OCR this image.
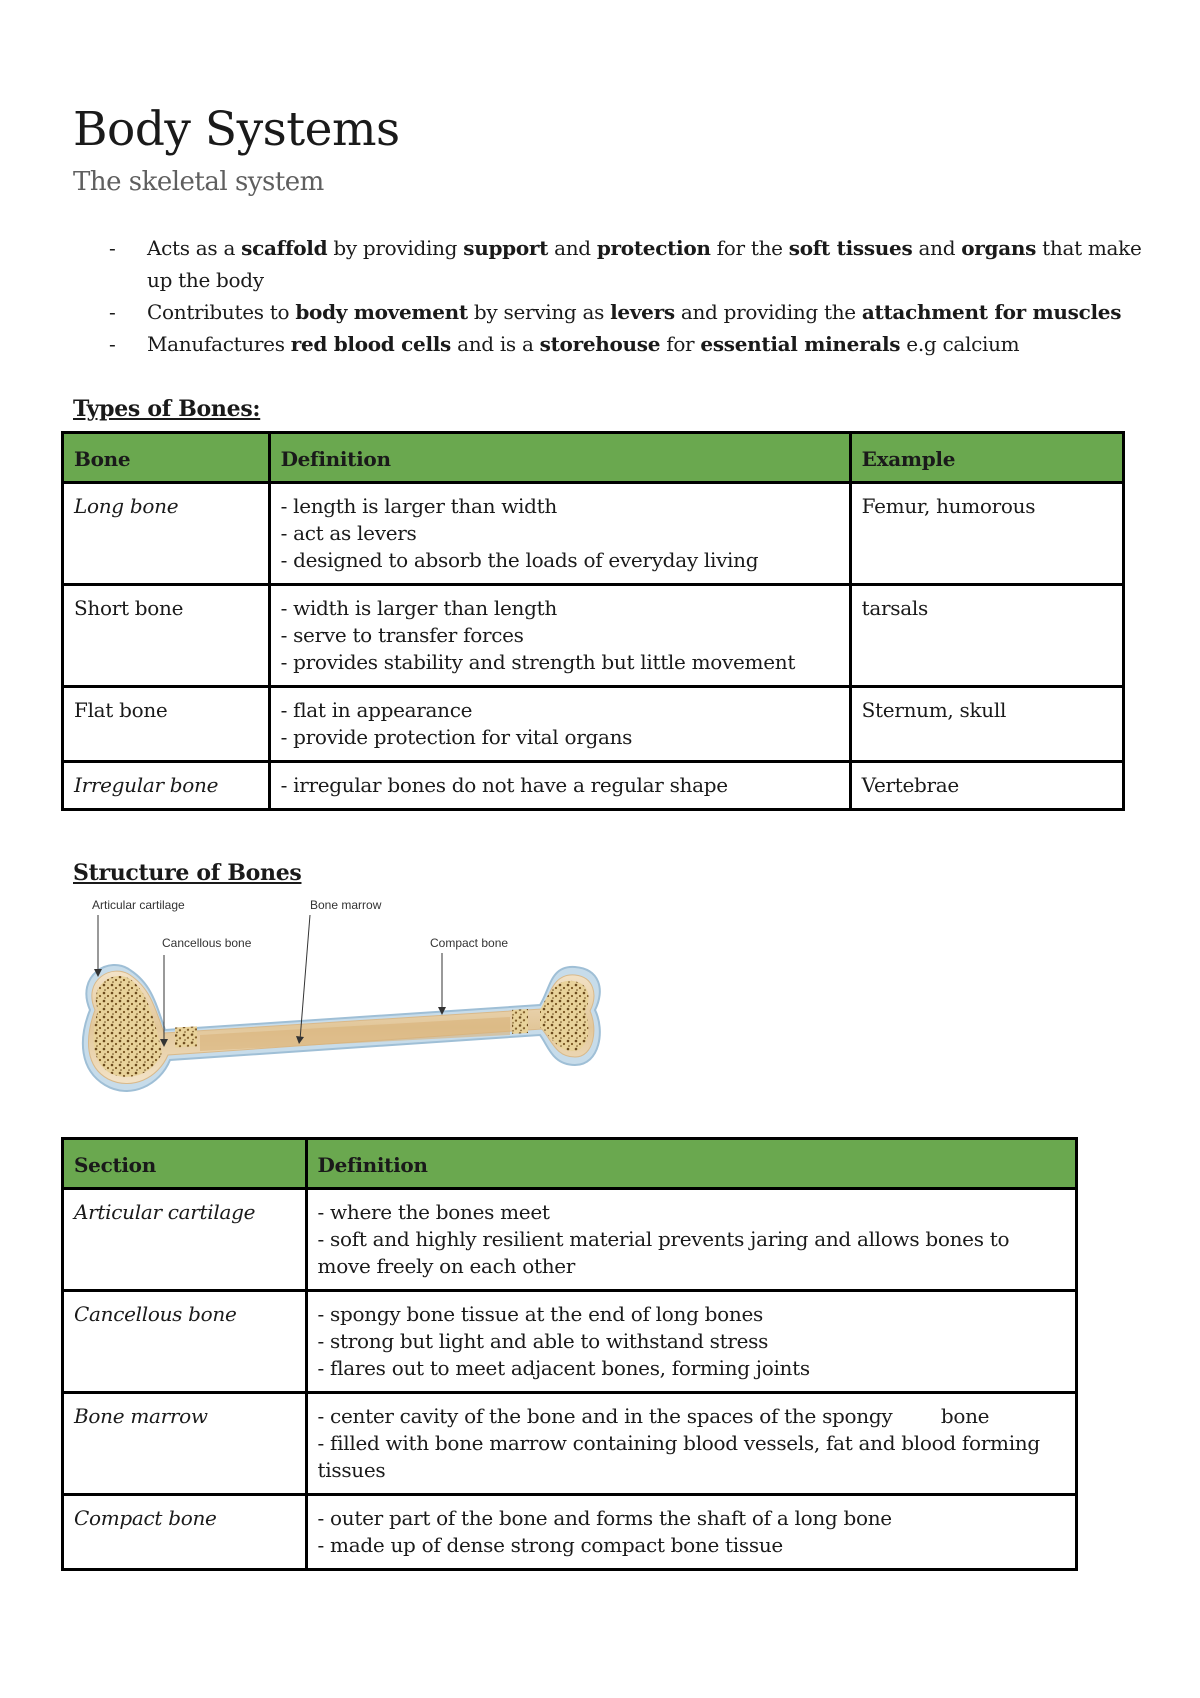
Body Systems

The skeletal system

- Acts as a scaffold by providing support and protection for the soft tissues and organs that make up the body
- Contributes to body movement by serving as levers and providing the attachment for muscles
- Manufactures red blood cells and is a storehouse for essential minerals e.g calcium

Types of Bones:

Bone	Definition	Example
Long bone	- length is larger than width
- act as levers
- designed to absorb the loads of everyday living	Femur, humorous
Short bone	- width is larger than length
- serve to transfer forces
- provides stability and strength but little movement	tarsals
Flat bone	- flat in appearance
- provide protection for vital organs	Sternum, skull
Irregular bone	- irregular bones do not have a regular shape	Vertebrae

Structure of Bones

Articular cartilage	Bone marrow
Cancellous bone	Compact bone
Section	Definition
Articular cartilage	- where the bones meet
- soft and highly resilient material prevents jaring and allows bones to move freely on each other

Cancellous bone	- spongy bone tissue at the end of long bones
- strong but light and able to withstand stress
- flares out to meet adjacent bones, forming joints

Bone marrow	- center cavity of the bone and in the spaces of the spongy        bone
- filled with bone marrow containing blood vessels, fat and blood forming tissues

Compact bone	- outer part of the bone and forms the shaft of a long bone
- made up of dense strong compact bone tissue
